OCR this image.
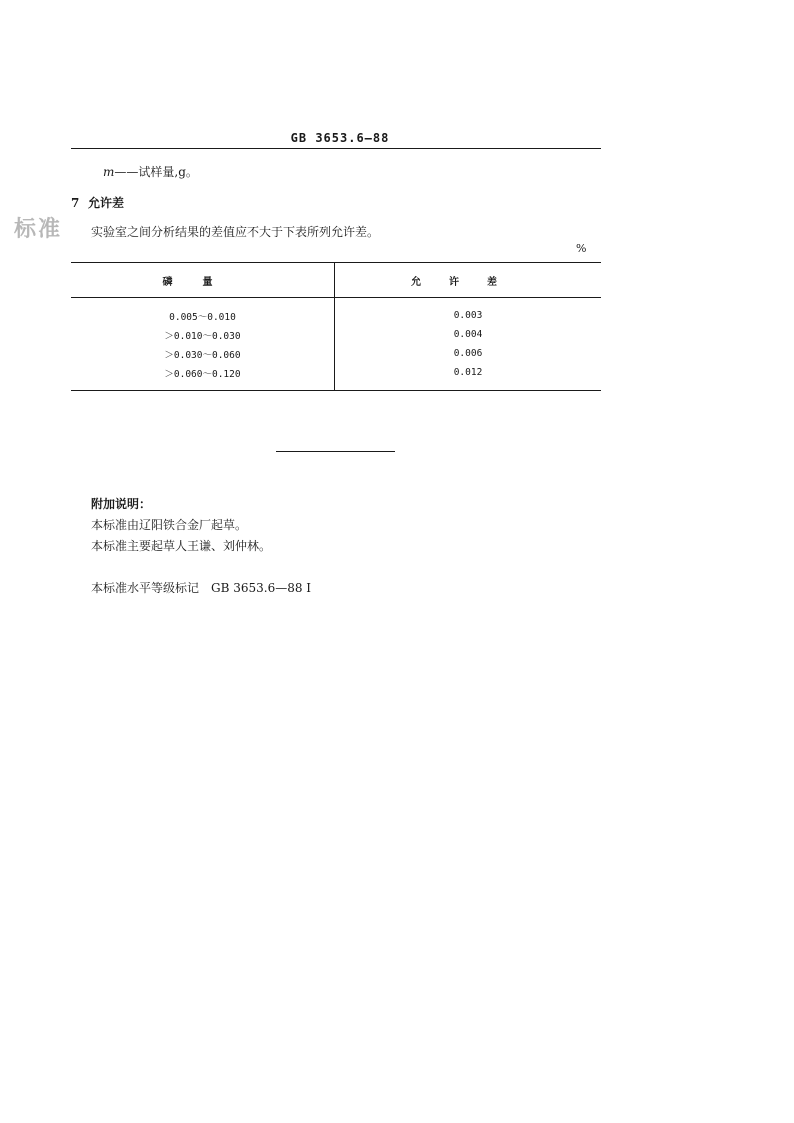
GB 3653.6—88
m——试样量,g。
7 允许差
标准 实验室之间分析结果的差值应不大于下表所列允许差。
%
磷量	允许差
0.005～0.010	0.003
＞0.010～0.030	0.004
＞0.030～0.060	0.006
＞0.060～0.120	0.012
附加说明：
本标准由辽阳铁合金厂起草。
本标准主要起草人王谦、刘仲林。
本标准水平等级标记　GB 3653.6—88 I
